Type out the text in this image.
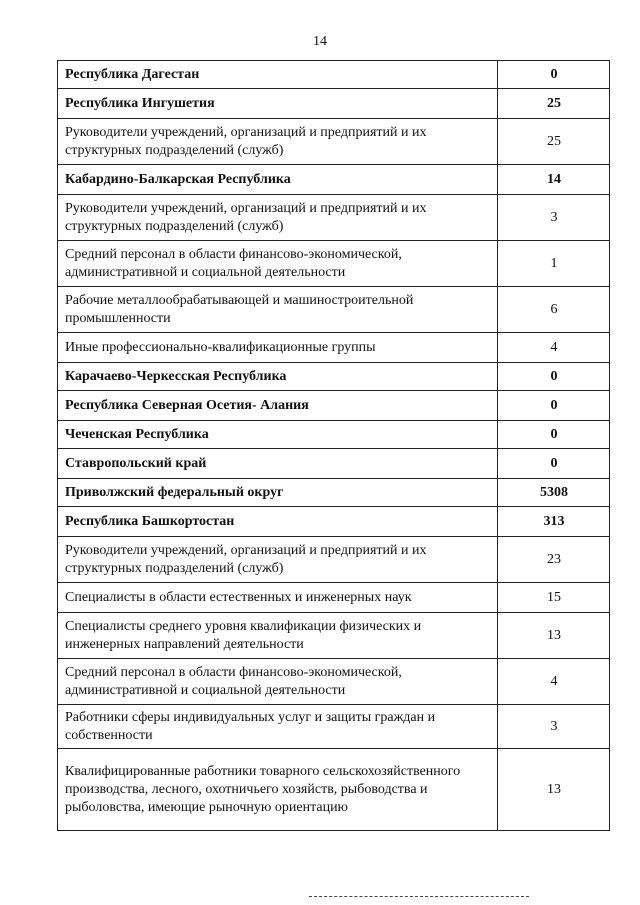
14
Республика Дагестан	0
Республика Ингушетия	25
Руководители учреждений, организаций и предприятий и их структурных подразделений (служб)	25
Кабардино-Балкарская Республика	14
Руководители учреждений, организаций и предприятий и их структурных подразделений (служб)	3
Средний персонал в области финансово-экономической, административной и социальной деятельности	1
Рабочие металлообрабатывающей и машиностроительной промышленности	6
Иные профессионально-квалификационные группы	4
Карачаево-Черкесская Республика	0
Республика Северная Осетия- Алания	0
Чеченская Республика	0
Ставропольский край	0
Приволжский федеральный округ	5308
Республика Башкортостан	313
Руководители учреждений, организаций и предприятий и их структурных подразделений (служб)	23
Специалисты в области естественных и инженерных наук	15
Специалисты среднего уровня квалификации физических и инженерных направлений деятельности	13
Средний персонал в области финансово-экономической, административной и социальной деятельности	4
Работники сферы индивидуальных услуг и защиты граждан и собственности	3
Квалифицированные работники товарного сельскохозяйственного производства, лесного, охотничьего хозяйств, рыбоводства и рыболовства, имеющие рыночную ориентацию	13
